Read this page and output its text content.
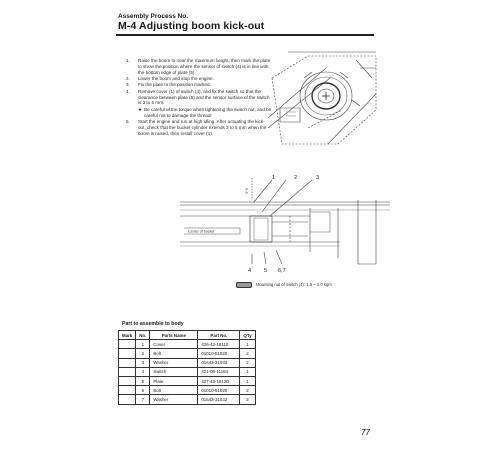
Assembly Process No.
M-4 Adjusting boom kick-out
1. Raise the boom to near the maximum height, then mark the plate to show the position where the sensor of switch (4) is in line with the bottom edge of plate (5).
2. Lower the boom and stop the engine.
3. Fix the plate to the position marked.
4. Remove cover (1) of switch (4), and fix the switch so that the clearance between plate (5) and the sensor surface of the switch is 3 to 5 mm.
★ Be careful of the torque when tightening the switch nut, and be careful not to damage the thread!
5. Start the engine and run at high idling. After actuating the kick-out, check that the bucket cylinder extends 2 to 5 mm when the boom is raised, then install cover (1).
1	2	3
4 5 6,7
3~5
Center of bucket
Mounting nut of switch (4): 1.5 ~ 2.0 kgm
Part to assemble to body
Mark	No.	Parts Name	Part No.	Q'ty
	1	Cover	426-43-18110	1
	2	Bolt	01010-51020	2
	3	Washer	01643-31032	2
	4	Switch	421-06-11184	1
	5	Plate	427-43-18120	1
	6	Bolt	01010-51020	2
	7	Washer	01643-31032	2
77
